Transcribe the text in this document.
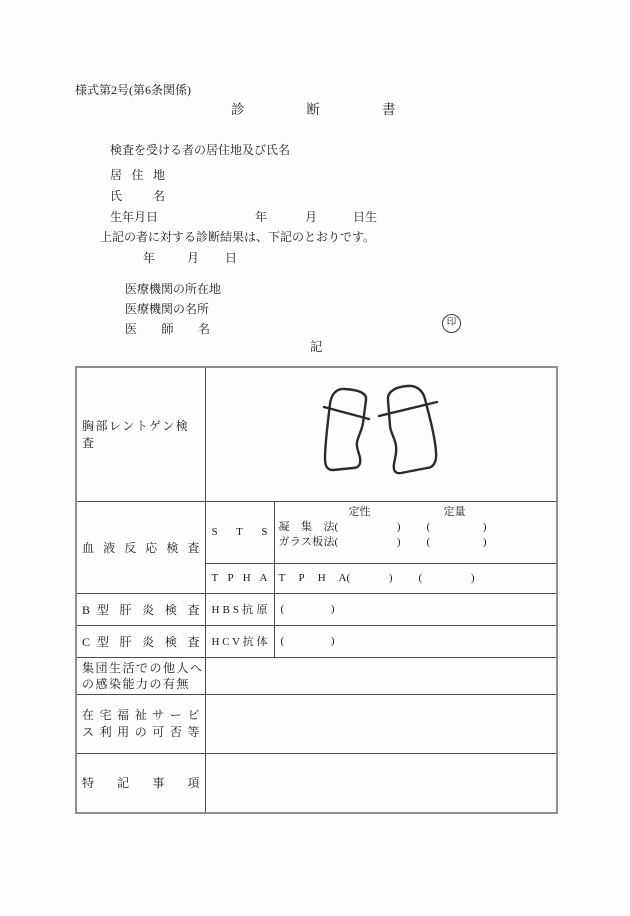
様式第2号(第6条関係)
診断書
検査を受ける者の居住地及び氏名
居 住 地
氏 名
生年月日	年	月	日生
上記の者に対する診断結果は、下記のとおりです。
年	月 日
医療機関の所在地
医療機関の名所
医 師 名	印
記
胸部レントゲン検査	

血 液 反 応 検 査	S T S	定性 定量
凝 集 法( ) ( )
ガラス板法( ) ( )

	T P H A	T P H A( ) ( )

B 型 肝 炎 検 査	H B S 抗 原	( )

C 型 肝 炎 検 査	H C V 抗 体	( )

集団生活での他人へ
の感染能力の有無		

在 宅 福 祉 サ ー ビ
ス 利 用 の 可 否 等		

特 記 事 項		
